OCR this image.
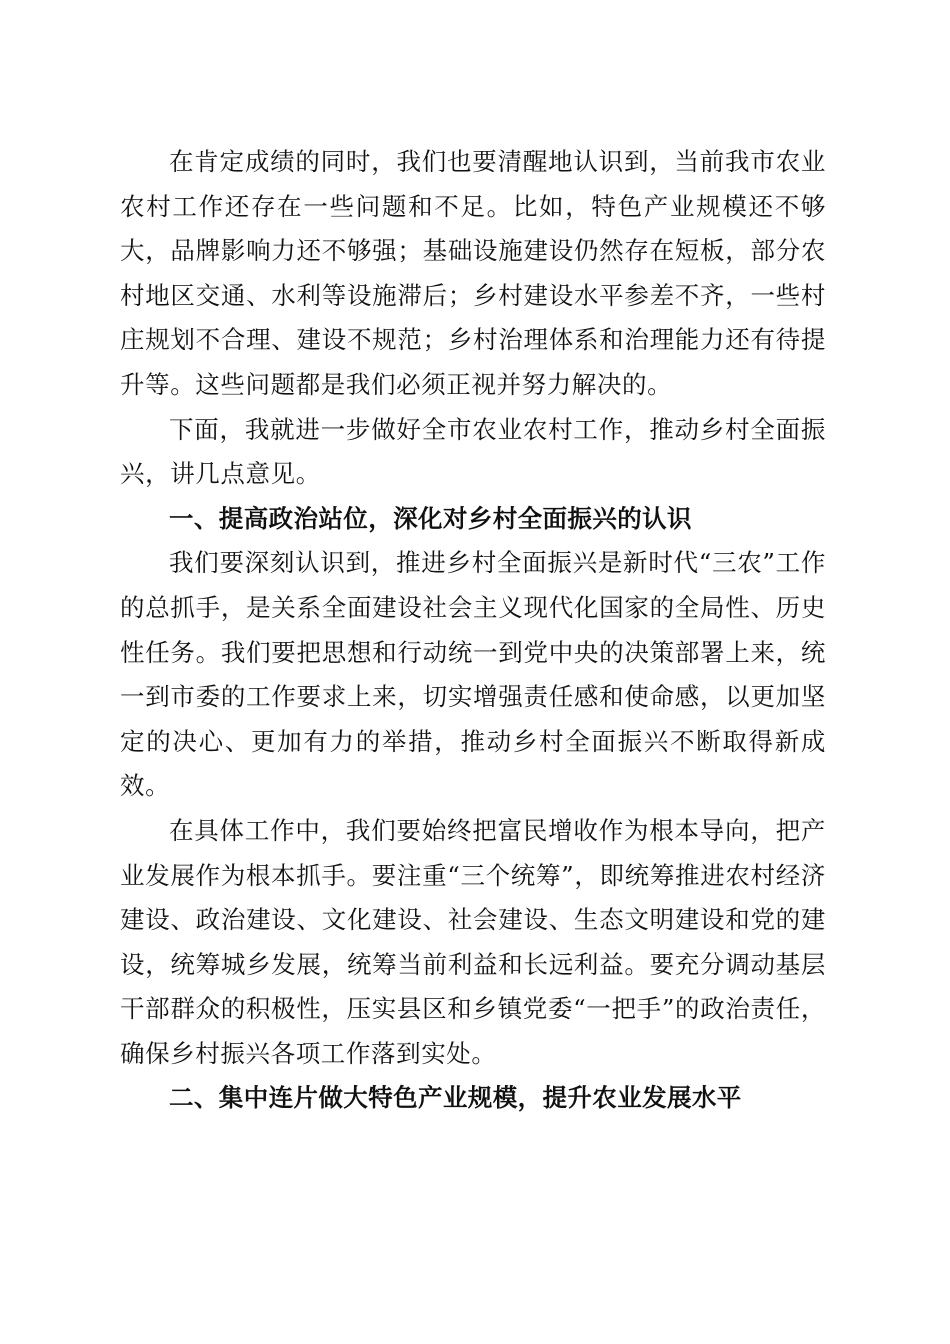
在肯定成绩的同时，我们也要清醒地认识到，当前我市农业农村工作还存在一些问题和不足。比如，特色产业规模还不够大，品牌影响力还不够强；基础设施建设仍然存在短板，部分农村地区交通、水利等设施滞后；乡村建设水平参差不齐，一些村庄规划不合理、建设不规范；乡村治理体系和治理能力还有待提升等。这些问题都是我们必须正视并努力解决的。

下面，我就进一步做好全市农业农村工作，推动乡村全面振兴，讲几点意见。

一、提高政治站位，深化对乡村全面振兴的认识

我们要深刻认识到，推进乡村全面振兴是新时代“三农”工作的总抓手，是关系全面建设社会主义现代化国家的全局性、历史性任务。我们要把思想和行动统一到党中央的决策部署上来，统一到市委的工作要求上来，切实增强责任感和使命感，以更加坚定的决心、更加有力的举措，推动乡村全面振兴不断取得新成效。

在具体工作中，我们要始终把富民增收作为根本导向，把产业发展作为根本抓手。要注重“三个统筹”，即统筹推进农村经济建设、政治建设、文化建设、社会建设、生态文明建设和党的建设，统筹城乡发展，统筹当前利益和长远利益。要充分调动基层干部群众的积极性，压实县区和乡镇党委“一把手”的政治责任，确保乡村振兴各项工作落到实处。

二、集中连片做大特色产业规模，提升农业发展水平
